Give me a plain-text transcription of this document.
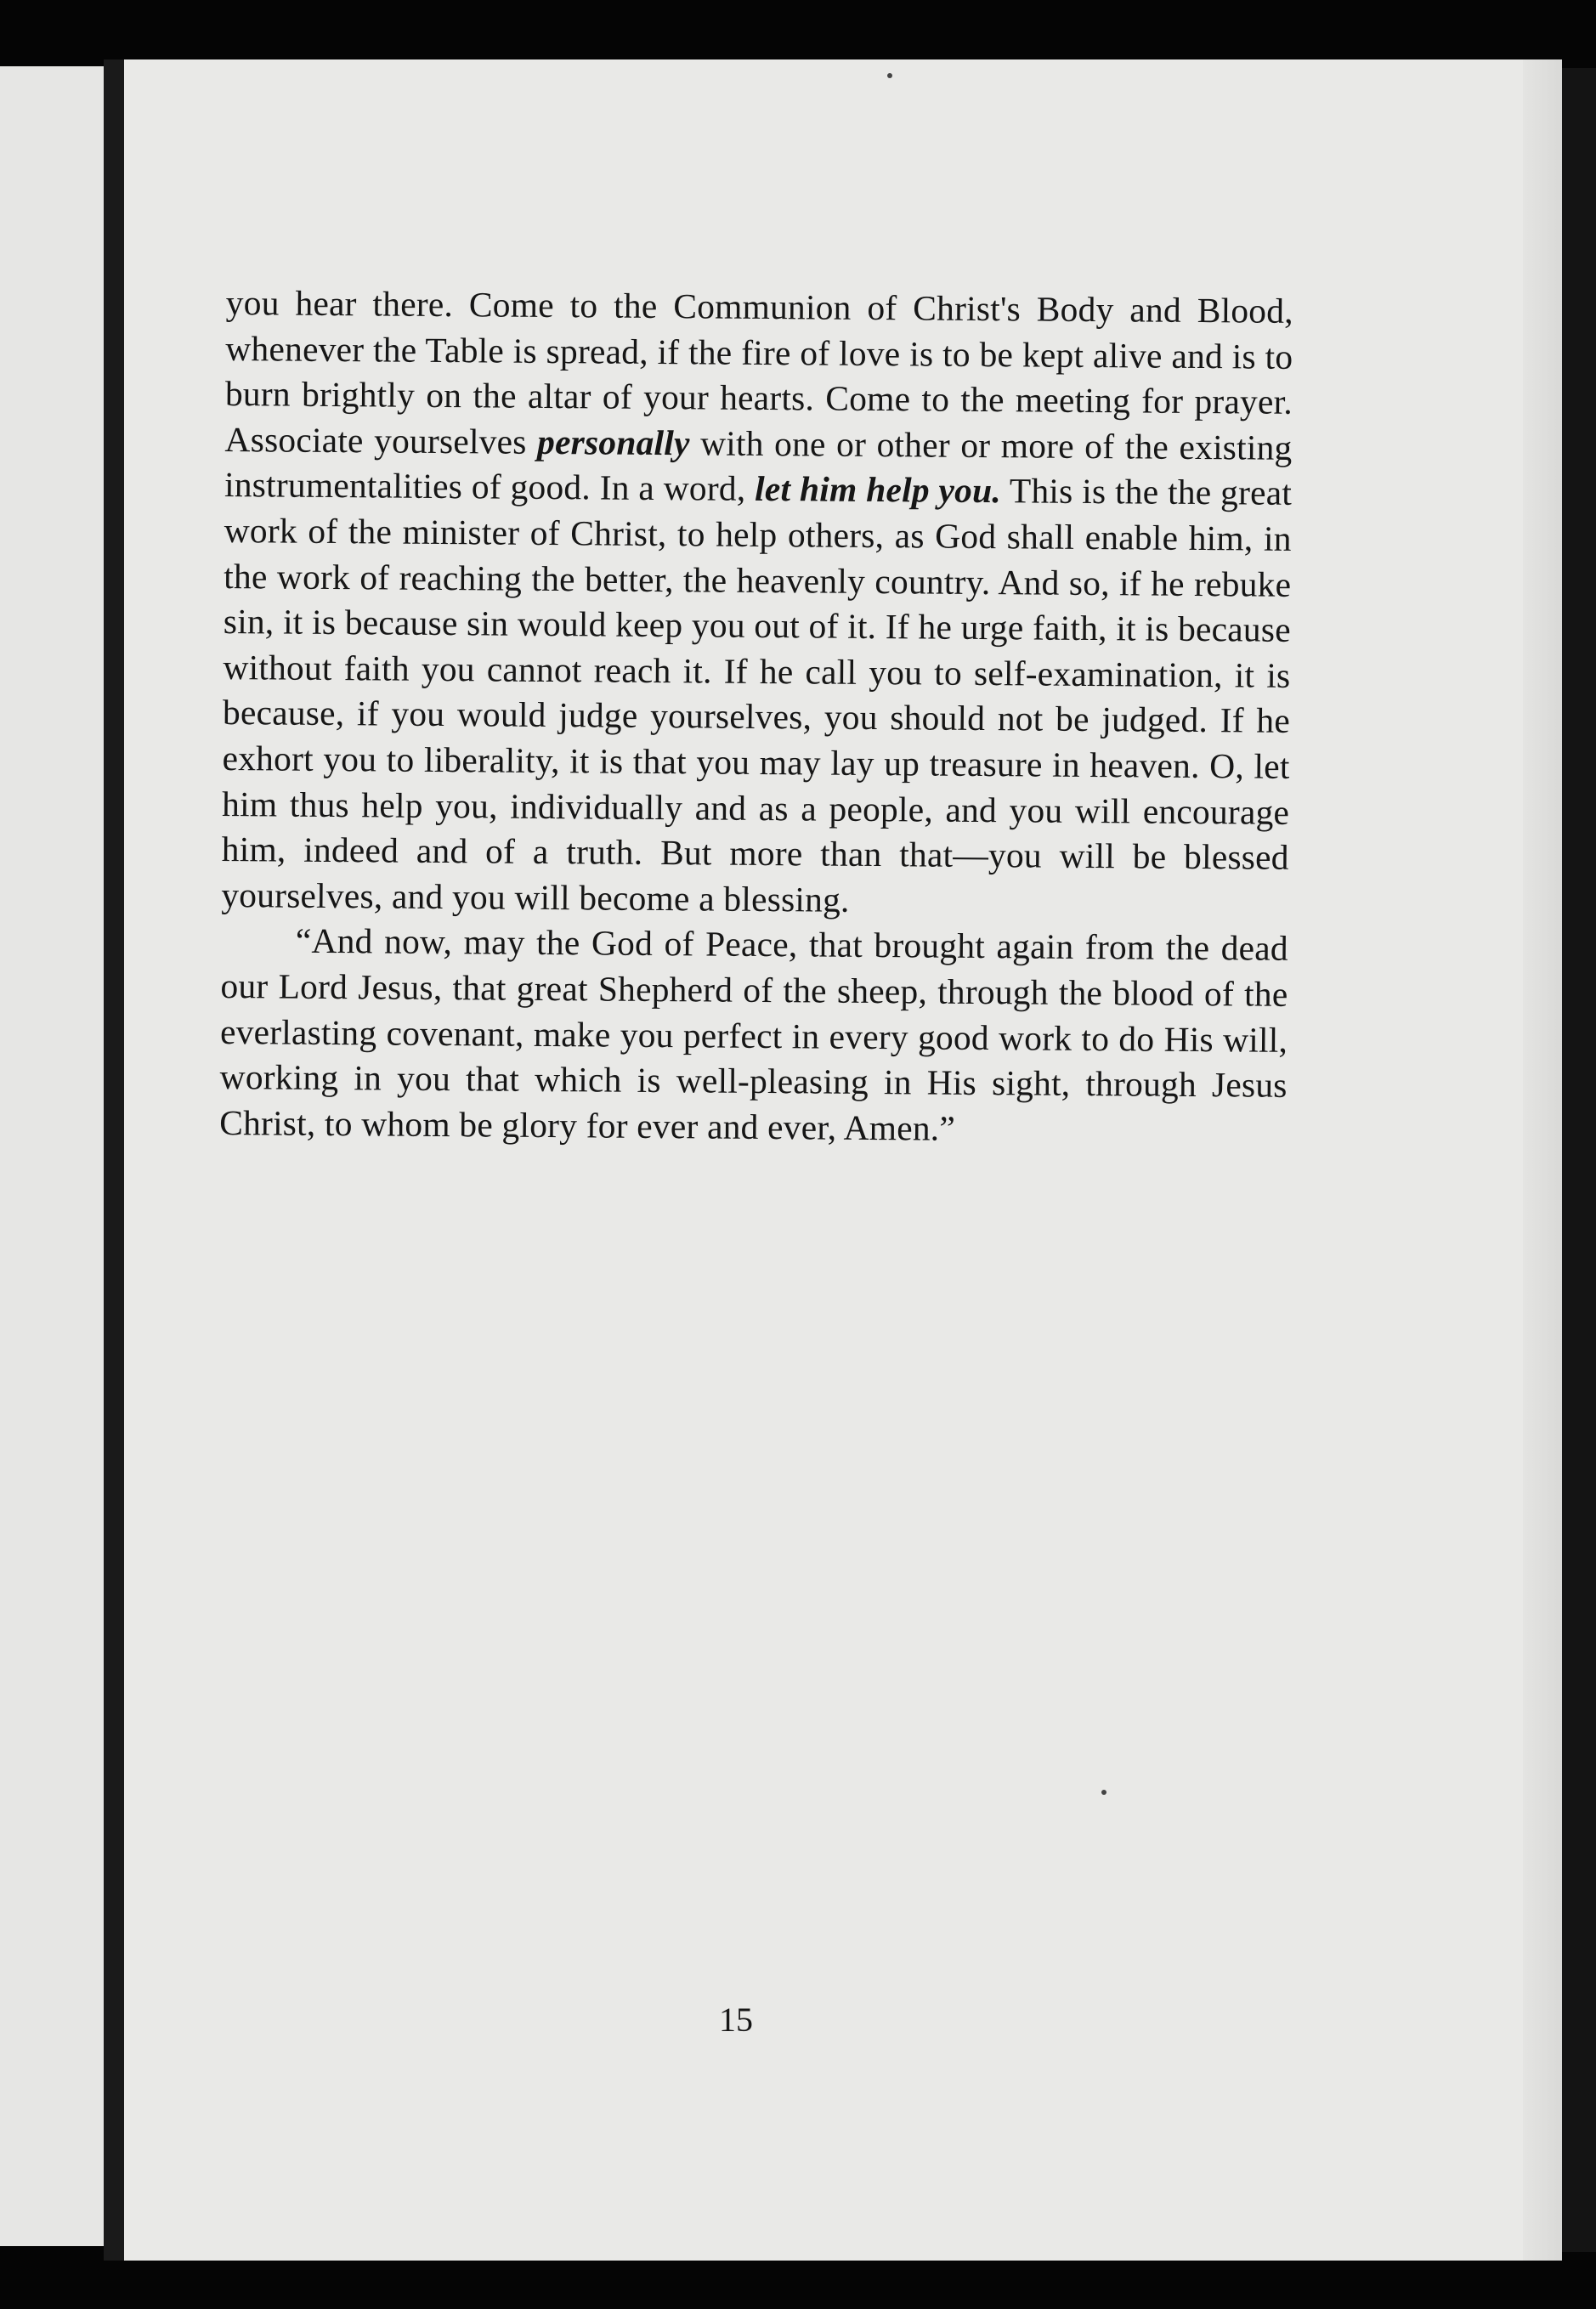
you hear there. Come to the Communion of Christ's Body and Blood, whenever the Table is spread, if the fire of love is to be kept alive and is to burn brightly on the altar of your hearts. Come to the meeting for prayer. Associate yourselves personally with one or other or more of the existing instrumentalities of good. In a word, let him help you. This is the the great work of the minister of Christ, to help others, as God shall enable him, in the work of reaching the better, the heavenly country. And so, if he rebuke sin, it is because sin would keep you out of it. If he urge faith, it is because without faith you cannot reach it. If he call you to self-examination, it is because, if you would judge yourselves, you should not be judged. If he exhort you to liberality, it is that you may lay up treasure in heaven. O, let him thus help you, individually and as a people, and you will encourage him, indeed and of a truth. But more than that—you will be blessed yourselves, and you will become a blessing.

“And now, may the God of Peace, that brought again from the dead our Lord Jesus, that great Shepherd of the sheep, through the blood of the everlasting covenant, make you perfect in every good work to do His will, working in you that which is well-pleasing in His sight, through Jesus Christ, to whom be glory for ever and ever, Amen.”

15
